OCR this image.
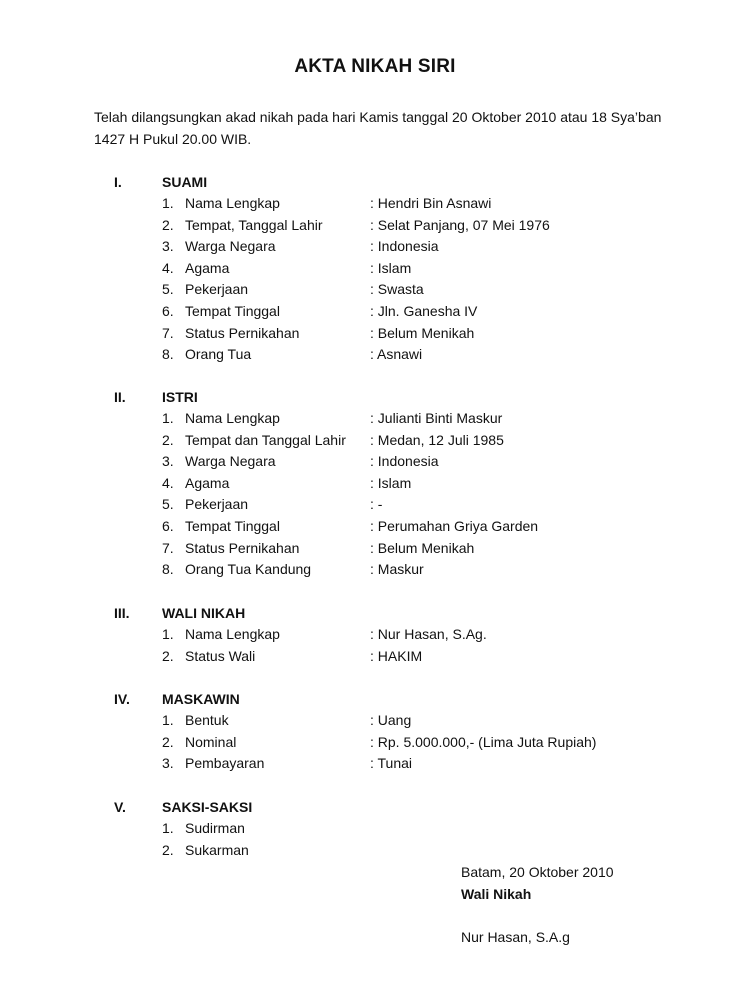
AKTA NIKAH SIRI
Telah dilangsungkan akad nikah pada hari Kamis tanggal 20 Oktober 2010 atau 18 Sya’ban 1427 H Pukul 20.00 WIB.
I.	SUAMI
1. Nama Lengkap	: Hendri Bin Asnawi
2. Tempat, Tanggal Lahir	: Selat Panjang, 07 Mei 1976
3. Warga Negara	: Indonesia
4. Agama	: Islam
5. Pekerjaan	: Swasta
6. Tempat Tinggal	: Jln. Ganesha IV
7. Status Pernikahan	: Belum Menikah
8. Orang Tua	: Asnawi
II.	ISTRI
1. Nama Lengkap	: Julianti Binti Maskur
2. Tempat dan Tanggal Lahir : Medan, 12 Juli 1985
3. Warga Negara	: Indonesia
4. Agama	: Islam
5. Pekerjaan	: -
6. Tempat Tinggal	: Perumahan Griya Garden
7. Status Pernikahan	: Belum Menikah
8. Orang Tua Kandung	: Maskur
III. WALI NIKAH
1. Nama Lengkap	: Nur Hasan, S.Ag.
2. Status Wali	: HAKIM
IV. MASKAWIN
1. Bentuk	: Uang
2. Nominal	: Rp. 5.000.000,- (Lima Juta Rupiah)
3. Pembayaran	: Tunai
V.	SAKSI-SAKSI
1. Sudirman
2. Sukarman
Batam, 20 Oktober 2010
Wali Nikah
Nur Hasan, S.A.g
